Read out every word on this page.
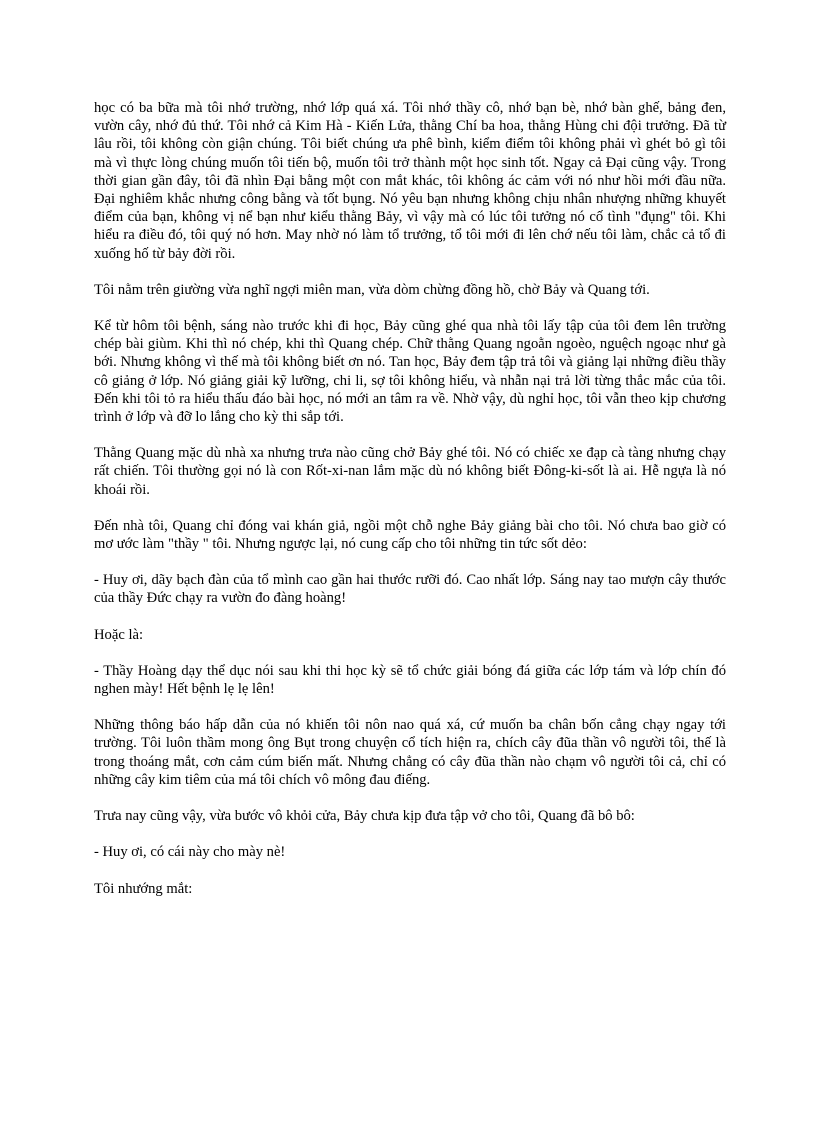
học có ba bữa mà tôi nhớ trường, nhớ lớp quá xá. Tôi nhớ thầy cô, nhớ bạn bè, nhớ bàn ghế, bảng đen, vườn cây, nhớ đủ thứ. Tôi nhớ cả Kim Hà - Kiến Lửa, thằng Chí ba hoa, thằng Hùng chi đội trưởng. Đã từ lâu rồi, tôi không còn giận chúng. Tôi biết chúng ưa phê bình, kiểm điểm tôi không phải vì ghét bỏ gì tôi mà vì thực lòng chúng muốn tôi tiến bộ, muốn tôi trở thành một học sinh tốt. Ngay cả Đại cũng vậy. Trong thời gian gần đây, tôi đã nhìn Đại bằng một con mắt khác, tôi không ác cảm với nó như hồi mới đầu nữa. Đại nghiêm khắc nhưng công bằng và tốt bụng. Nó yêu bạn nhưng không chịu nhân nhượng những khuyết điểm của bạn, không vị nể bạn như kiểu thằng Bảy, vì vậy mà có lúc tôi tưởng nó cố tình "đụng" tôi. Khi hiểu ra điều đó, tôi quý nó hơn. May nhờ nó làm tổ trưởng, tổ tôi mới đi lên chớ nếu tôi làm, chắc cả tổ đi xuống hố từ bảy đời rồi.

Tôi nằm trên giường vừa nghĩ ngợi miên man, vừa dòm chừng đồng hồ, chờ Bảy và Quang tới.

Kể từ hôm tôi bệnh, sáng nào trước khi đi học, Bảy cũng ghé qua nhà tôi lấy tập của tôi đem lên trường chép bài giùm. Khi thì nó chép, khi thì Quang chép. Chữ thằng Quang ngoằn ngoèo, nguệch ngoạc như gà bới. Nhưng không vì thế mà tôi không biết ơn nó. Tan học, Bảy đem tập trả tôi và giảng lại những điều thầy cô giảng ở lớp. Nó giảng giải kỹ lưỡng, chi li, sợ tôi không hiểu, và nhẫn nại trả lời từng thắc mắc của tôi. Đến khi tôi tỏ ra hiểu thấu đáo bài học, nó mới an tâm ra về. Nhờ vậy, dù nghỉ học, tôi vẫn theo kịp chương trình ở lớp và đỡ lo lắng cho kỳ thi sắp tới.

Thằng Quang mặc dù nhà xa nhưng trưa nào cũng chở Bảy ghé tôi. Nó có chiếc xe đạp cà tàng nhưng chạy rất chiến. Tôi thường gọi nó là con Rốt-xi-nan lắm mặc dù nó không biết Đông-ki-sốt là ai. Hễ ngựa là nó khoái rồi.

Đến nhà tôi, Quang chỉ đóng vai khán giả, ngồi một chỗ nghe Bảy giảng bài cho tôi. Nó chưa bao giờ có mơ ước làm "thầy " tôi. Nhưng ngược lại, nó cung cấp cho tôi những tin tức sốt dẻo:

- Huy ơi, dãy bạch đàn của tổ mình cao gần hai thước rưỡi đó. Cao nhất lớp. Sáng nay tao mượn cây thước của thầy Đức chạy ra vườn đo đàng hoàng!

Hoặc là:

- Thầy Hoàng dạy thể dục nói sau khi thi học kỳ sẽ tổ chức giải bóng đá giữa các lớp tám và lớp chín đó nghen mày! Hết bệnh lẹ lẹ lên!

Những thông báo hấp dẫn của nó khiến tôi nôn nao quá xá, cứ muốn ba chân bốn cẳng chạy ngay tới trường. Tôi luôn thầm mong ông Bụt trong chuyện cổ tích hiện ra, chích cây đũa thần vô người tôi, thế là trong thoáng mắt, cơn cảm cúm biến mất. Nhưng chẳng có cây đũa thần nào chạm vô người tôi cả, chỉ có những cây kim tiêm của má tôi chích vô mông đau điếng.

Trưa nay cũng vậy, vừa bước vô khỏi cửa, Bảy chưa kịp đưa tập vở cho tôi, Quang đã bô bô:

- Huy ơi, có cái này cho mày nè!

Tôi nhướng mắt:
